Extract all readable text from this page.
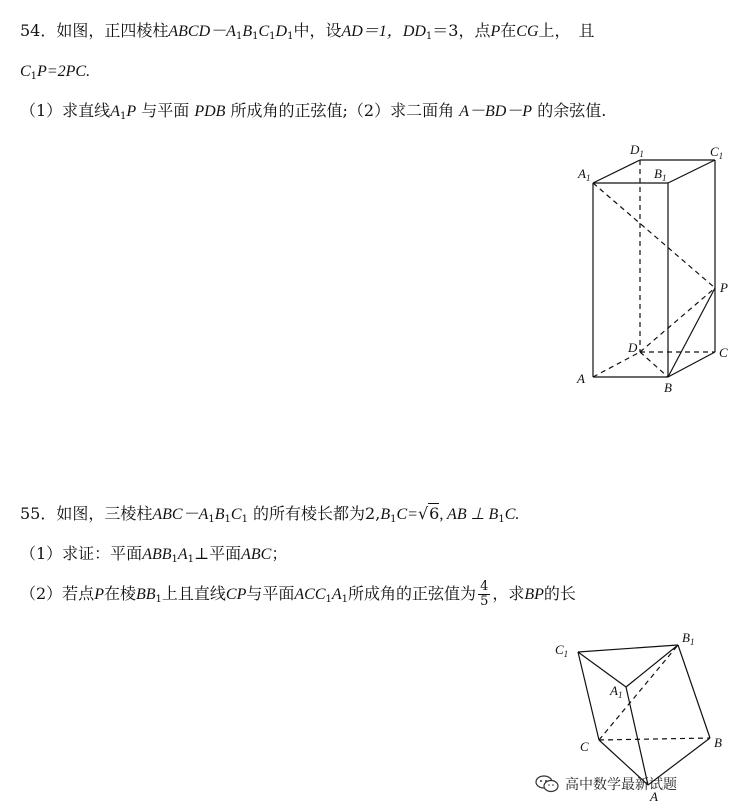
54．如图，正四棱柱$ABCD-A_1B_1C_1D_1$中，设AD＝1，$DD_1=3$，点P在CG上，　且
$C_1P=2PC$.
（1）求直线$A_1P$ 与平面 PDB 所成角的正弦值;（2）求二面角 A－BD－P 的余弦值.
$A_1$	$B_1$
$D_1$	$C_1$
P
D	C
A
B
55．如图，三棱柱$ABC-A_1B_1C_1$ 的所有棱长都为$2,B_1C=√6$, AB ⊥ $B_1C$.
（1）求证：平面$ABB_1A_1\perp$平面ABC；
（2）若点P在棱$BB_1$上且直线CP与平面$ACC_1A_1$所成角的正弦值为 $\frac{4}{5}$ ，求BP的长
$C_1$
$B_1$
$A_1$
C	B
A
高中数学最新试题
